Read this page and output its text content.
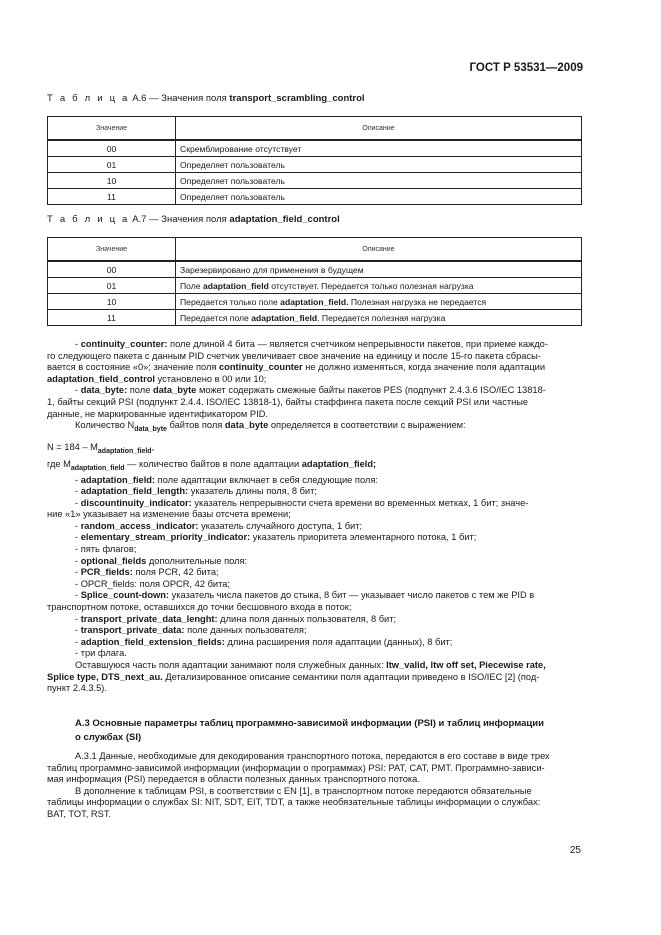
ГОСТ Р 53531—2009
Т а б л и ц а А.6 — Значения поля transport_scrambling_control
Значение	Описание
00	Скремблирование отсутствует
01	Определяет пользователь
10	Определяет пользователь
11	Определяет пользователь
Т а б л и ц а А.7 — Значения поля adaptation_field_control
Значение	Описание
00	Зарезервировано для применения в будущем
01	Поле adaptation_field отсутствует. Передается только полезная нагрузка
10	Передается только поле adaptation_field. Полезная нагрузка не передается
11	Передается поле adaptation_field. Передается полезная нагрузка

- continuity_counter: поле длиной 4 бита — является счетчиком непрерывности пакетов, при приеме каждо-

го следующего пакета с данным PID счетчик увеличивает свое значение на единицу и после 15-го пакета сбрасы-

вается в состояние «0»; значение поля continuity_counter не должно изменяться, когда значение поля адаптации

adaptation_field_control установлено в 00 или 10;

- data_byte: поле data_byte может содержать смежные байты пакетов PES (подпункт 2.4.3.6 ISO/IEC 13818-

1, байты секций PSI (подпункт 2.4.4. ISO/IEC 13818-1), байты стаффинга пакета после секций PSI или частные

данные, не маркированные идентификатором PID.

Количество $N_{data\_byte}$ байтов поля data_byte определяется в соответствии с выражением:

$N = 184 - M_{adaptation\_field}$,

где $M_{adaptation\_field}$ — количество байтов в поле адаптации adaptation_field;

- adaptation_field: поле адаптации включает в себя следующие поля:

- adaptation_field_length: указатель длины поля, 8 бит;

- discountinuity_indicator: указатель непрерывности счета времени во временных метках, 1 бит; значе-

ние «1» указывает на изменение базы отсчета времени;

- random_access_indicator: указатель случайного доступа, 1 бит;

- elementary_stream_priority_indicator: указатель приоритета элементарного потока, 1 бит;

- пять флагов;

- optional_fields дополнительные поля:

- PCR_fields: поля PCR, 42 бита;

- OPCR_fields: поля OPCR, 42 бита;

- Splice_count-down: указатель числа пакетов до стыка, 8 бит — указывает число пакетов с тем же PID в

транспортном потоке, оставшихся до точки бесшовного входа в поток;

- transport_private_data_lenght: длина поля данных пользователя, 8 бит;

- transport_private_data: поле данных пользователя;

- adaption_field_extension_fields: длина расширения поля адаптации (данных), 8 бит;

- три флага.

Оставшуюся часть поля адаптации занимают поля служебных данных: ltw_valid, ltw off set, Piecewise rate,

Splice type, DTS_next_au. Детализированное описание семантики поля адаптации приведено в ISO/IEC [2] (под-

пункт 2.4.3.5).

А.3 Основные параметры таблиц программно-зависимой информации (PSI) и таблиц информации
о службах (SI)

А.3.1 Данные, необходимые для декодирования транспортного потока, передаются в его составе в виде трех

таблиц программно-зависимой информации (информации о программах) PSI: PAT, CAT, PMT. Программно-зависи-

мая информация (PSI) передается в области полезных данных транспортного потока.

В дополнение к таблицам PSI, в соответствии с EN [1], в транспортном потоке передаются обязательные

таблицы информации о службах SI: NIT, SDT, EIT, TDT, а также необязательные таблицы информации о службах:

BAT, TOT, RST.

25
